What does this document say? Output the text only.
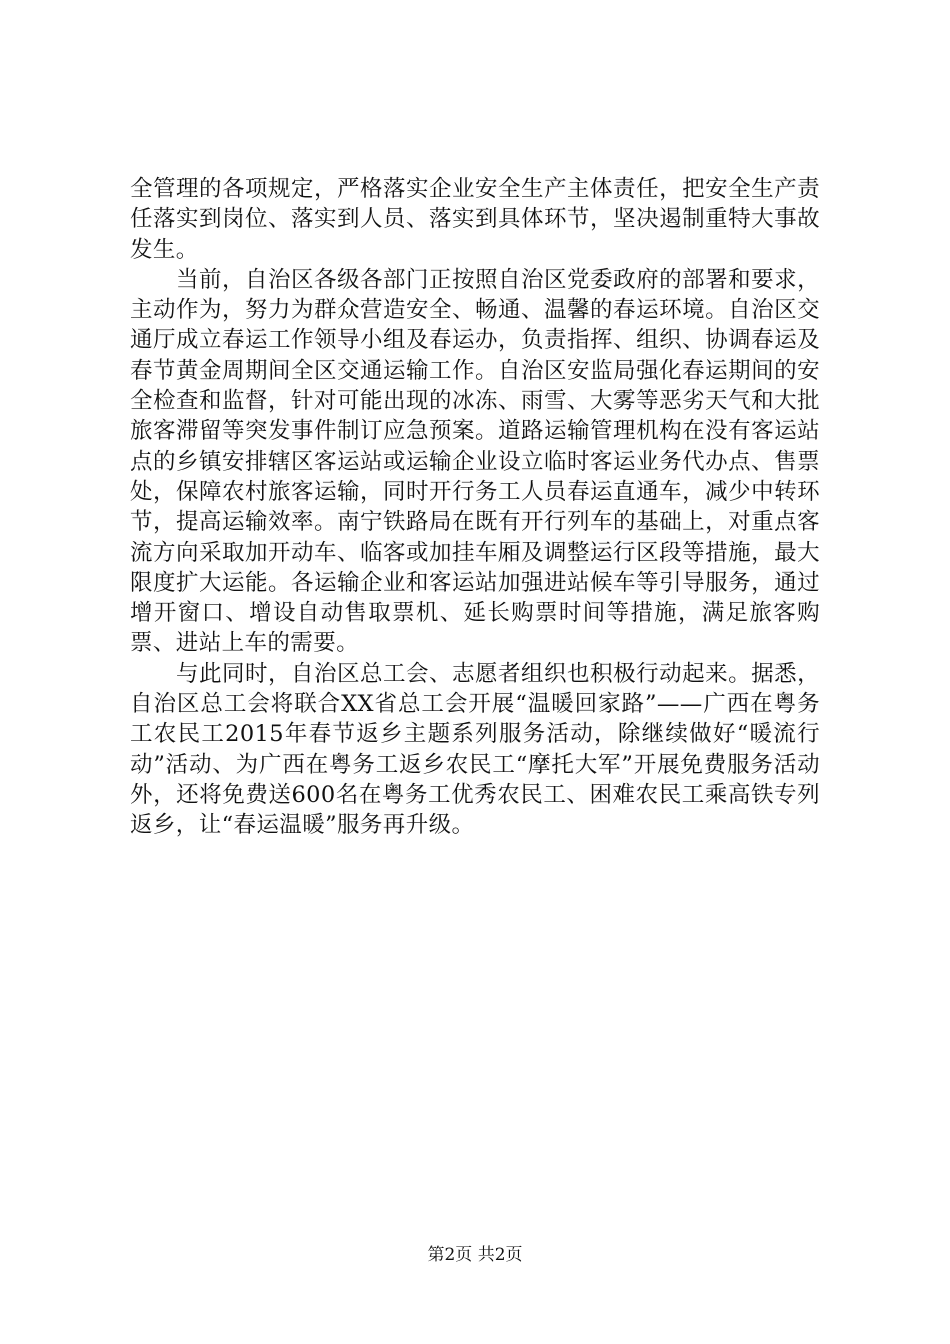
全管理的各项规定，严格落实企业安全生产主体责任，把安全生产责任落实到岗位、落实到人员、落实到具体环节，坚决遏制重特大事故发生。

当前，自治区各级各部门正按照自治区党委政府的部署和要求，主动作为，努力为群众营造安全、畅通、温馨的春运环境。自治区交通厅成立春运工作领导小组及春运办，负责指挥、组织、协调春运及春节黄金周期间全区交通运输工作。自治区安监局强化春运期间的安全检查和监督，针对可能出现的冰冻、雨雪、大雾等恶劣天气和大批旅客滞留等突发事件制订应急预案。道路运输管理机构在没有客运站点的乡镇安排辖区客运站或运输企业设立临时客运业务代办点、售票处，保障农村旅客运输，同时开行务工人员春运直通车，减少中转环节，提高运输效率。南宁铁路局在既有开行列车的基础上，对重点客流方向采取加开动车、临客或加挂车厢及调整运行区段等措施，最大限度扩大运能。各运输企业和客运站加强进站候车等引导服务，通过增开窗口、增设自动售取票机、延长购票时间等措施，满足旅客购票、进站上车的需要。

与此同时，自治区总工会、志愿者组织也积极行动起来。据悉，自治区总工会将联合XX省总工会开展“温暖回家路”——广西在粤务工农民工2015年春节返乡主题系列服务活动，除继续做好“暖流行动”活动、为广西在粤务工返乡农民工“摩托大军”开展免费服务活动外，还将免费送600名在粤务工优秀农民工、困难农民工乘高铁专列返乡，让“春运温暖”服务再升级。

第2页 共2页
